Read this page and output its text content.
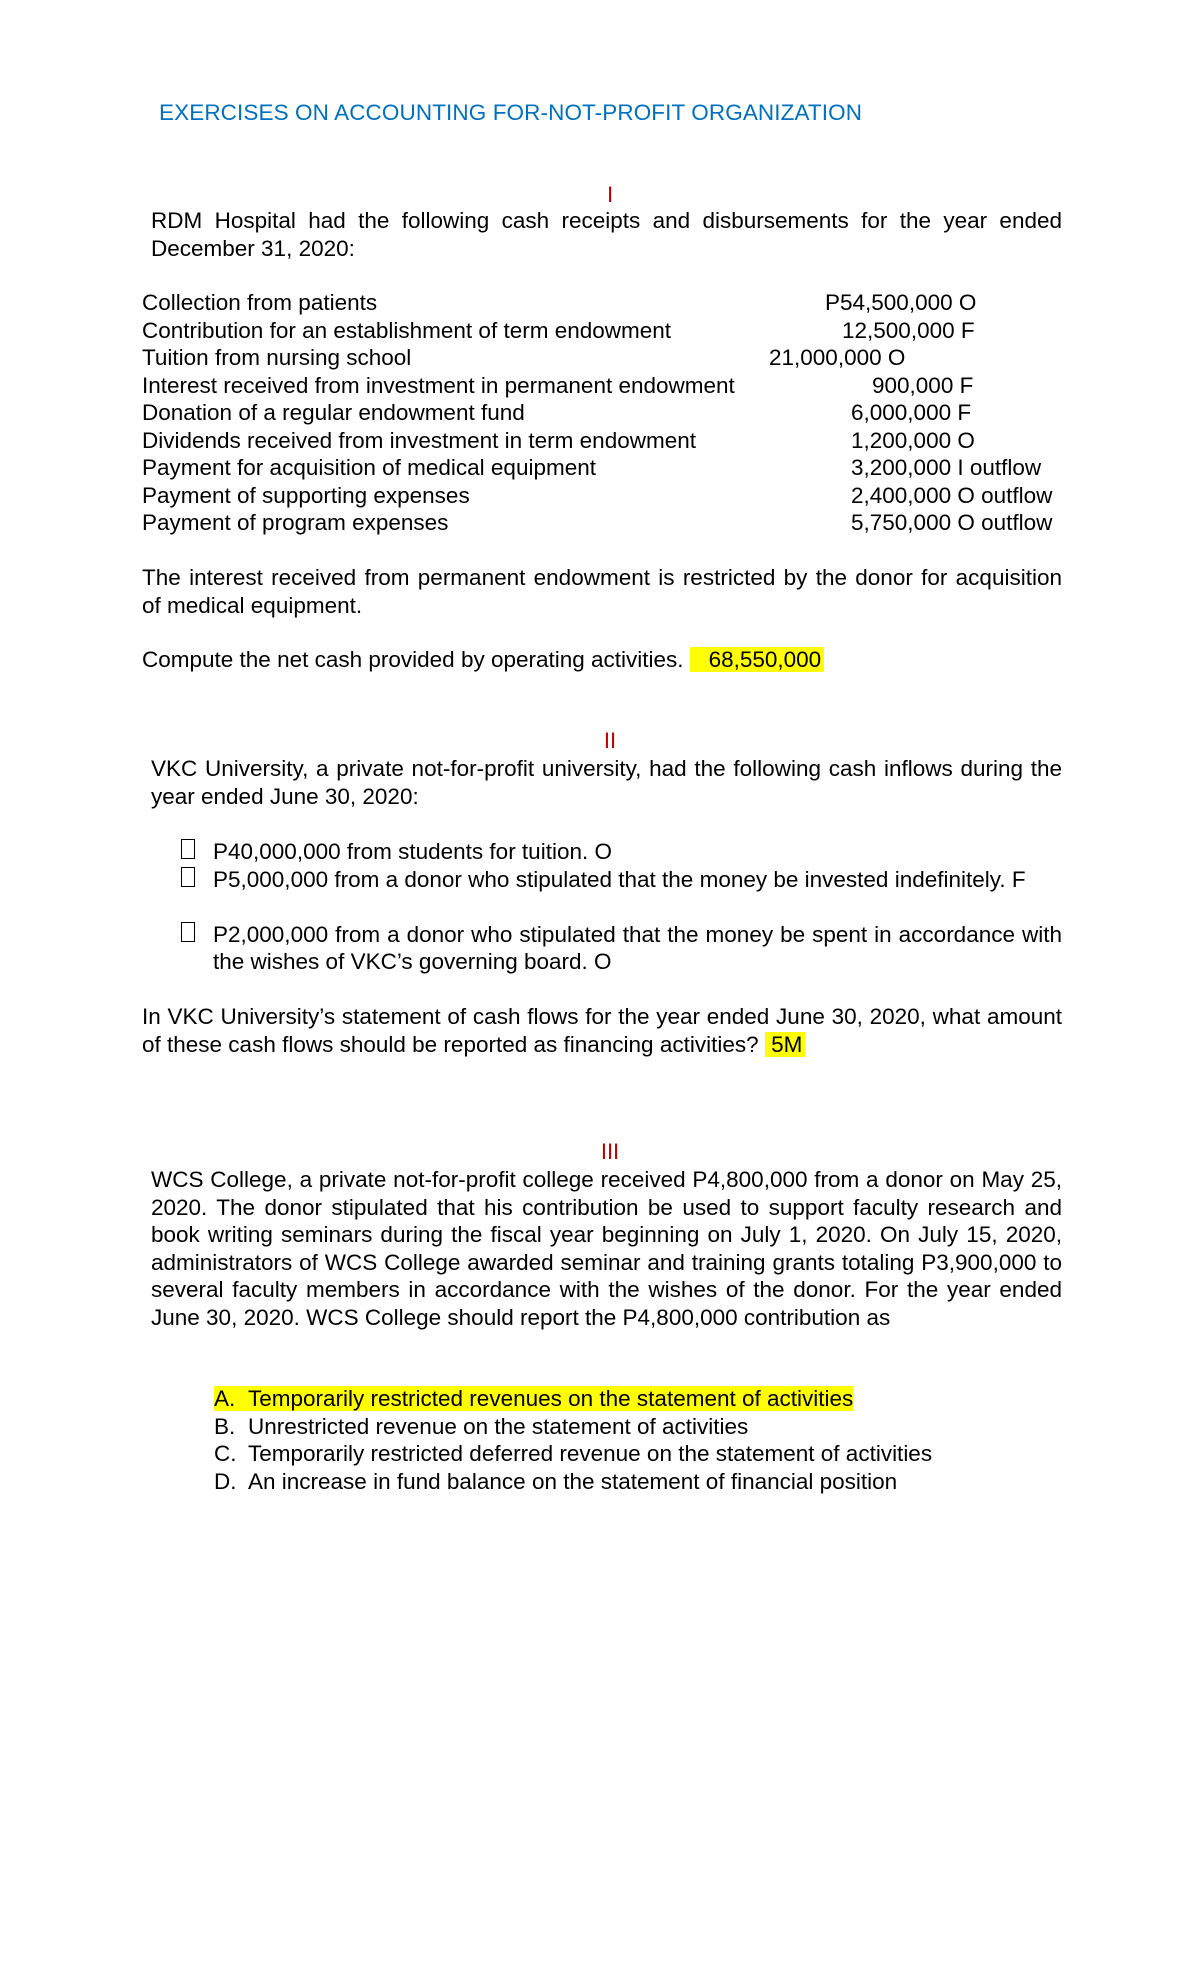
EXERCISES ON ACCOUNTING FOR-NOT-PROFIT ORGANIZATION
I
RDM Hospital had the following cash receipts and disbursements for the year ended December 31, 2020:
Collection from patients	P54,500,000 O
Contribution for an establishment of term endowment	12,500,000 F
Tuition from nursing school	21,000,000 O
Interest received from investment in permanent endowment	900,000 F
Donation of a regular endowment fund	6,000,000 F
Dividends received from investment in term endowment	1,200,000 O
Payment for acquisition of medical equipment	3,200,000 I outflow
Payment of supporting expenses	2,400,000 O outflow
Payment of program expenses	5,750,000 O outflow
The interest received from permanent endowment is restricted by the donor for acquisition of medical equipment.
Compute the net cash provided by operating activities.    68,550,000
II
VKC University, a private not-for-profit university, had the following cash inflows during the year ended June 30, 2020:
P40,000,000 from students for tuition. O
P5,000,000 from a donor who stipulated that the money be invested indefinitely. F
P2,000,000 from a donor who stipulated that the money be spent in accordance with the wishes of VKC’s governing board. O
In VKC University’s statement of cash flows for the year ended June 30, 2020, what amount of these cash flows should be reported as financing activities?  5M
III
WCS College, a private not-for-profit college received P4,800,000 from a donor on May 25, 2020. The donor stipulated that his contribution be used to support faculty research and book writing seminars during the fiscal year beginning on July 1, 2020. On July 15, 2020, administrators of WCS College awarded seminar and training grants totaling P3,900,000 to several faculty members in accordance with the wishes of the donor. For the year ended June 30, 2020. WCS College should report the P4,800,000 contribution as
A. Temporarily restricted revenues on the statement of activities
B. Unrestricted revenue on the statement of activities
C. Temporarily restricted deferred revenue on the statement of activities
D. An increase in fund balance on the statement of financial position
